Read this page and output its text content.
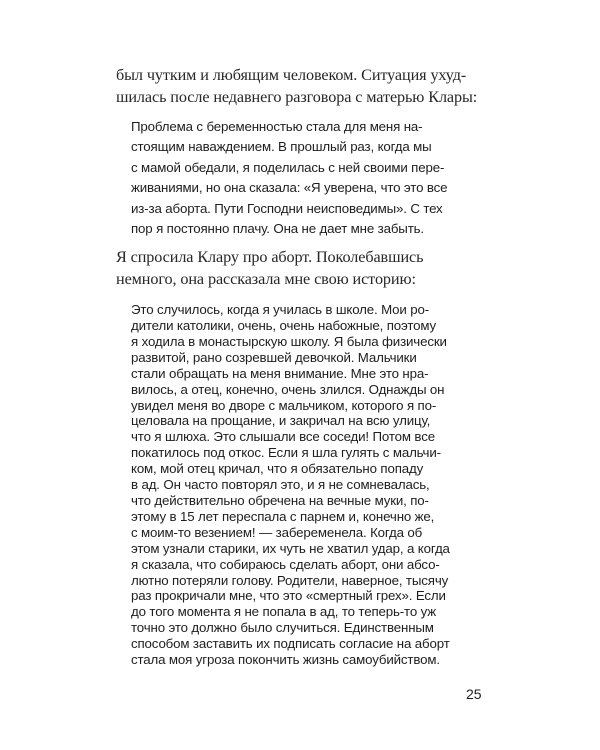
был чутким и любящим человеком. Ситуация ухуд-
шилась после недавнего разговора с матерью Клары:
Проблема с беременностью стала для меня на-
стоящим наваждением. В прошлый раз, когда мы
с мамой обедали, я поделилась с ней своими пере-
живаниями, но она сказала: «Я уверена, что это все
из-за аборта. Пути Господни неисповедимы». С тех
пор я постоянно плачу. Она не дает мне забыть.
Я спросила Клару про аборт. Поколебавшись
немного, она рассказала мне свою историю:
Это случилось, когда я училась в школе. Мои ро-
дители католики, очень, очень набожные, поэтому
я ходила в монастырскую школу. Я была физически
развитой, рано созревшей девочкой. Мальчики
стали обращать на меня внимание. Мне это нра-
вилось, а отец, конечно, очень злился. Однажды он
увидел меня во дворе с мальчиком, которого я по-
целовала на прощание, и закричал на всю улицу,
что я шлюха. Это слышали все соседи! Потом все
покатилось под откос. Если я шла гулять с мальчи-
ком, мой отец кричал, что я обязательно попаду
в ад. Он часто повторял это, и я не сомневалась,
что действительно обречена на вечные муки, по-
этому в 15 лет переспала с парнем и, конечно же,
с моим-то везением! — забеременела. Когда об
этом узнали старики, их чуть не хватил удар, а когда
я сказала, что собираюсь сделать аборт, они абсо-
лютно потеряли голову. Родители, наверное, тысячу
раз прокричали мне, что это «смертный грех». Если
до того момента я не попала в ад, то теперь-то уж
точно это должно было случиться. Единственным
способом заставить их подписать согласие на аборт
стала моя угроза покончить жизнь самоубийством.
25
